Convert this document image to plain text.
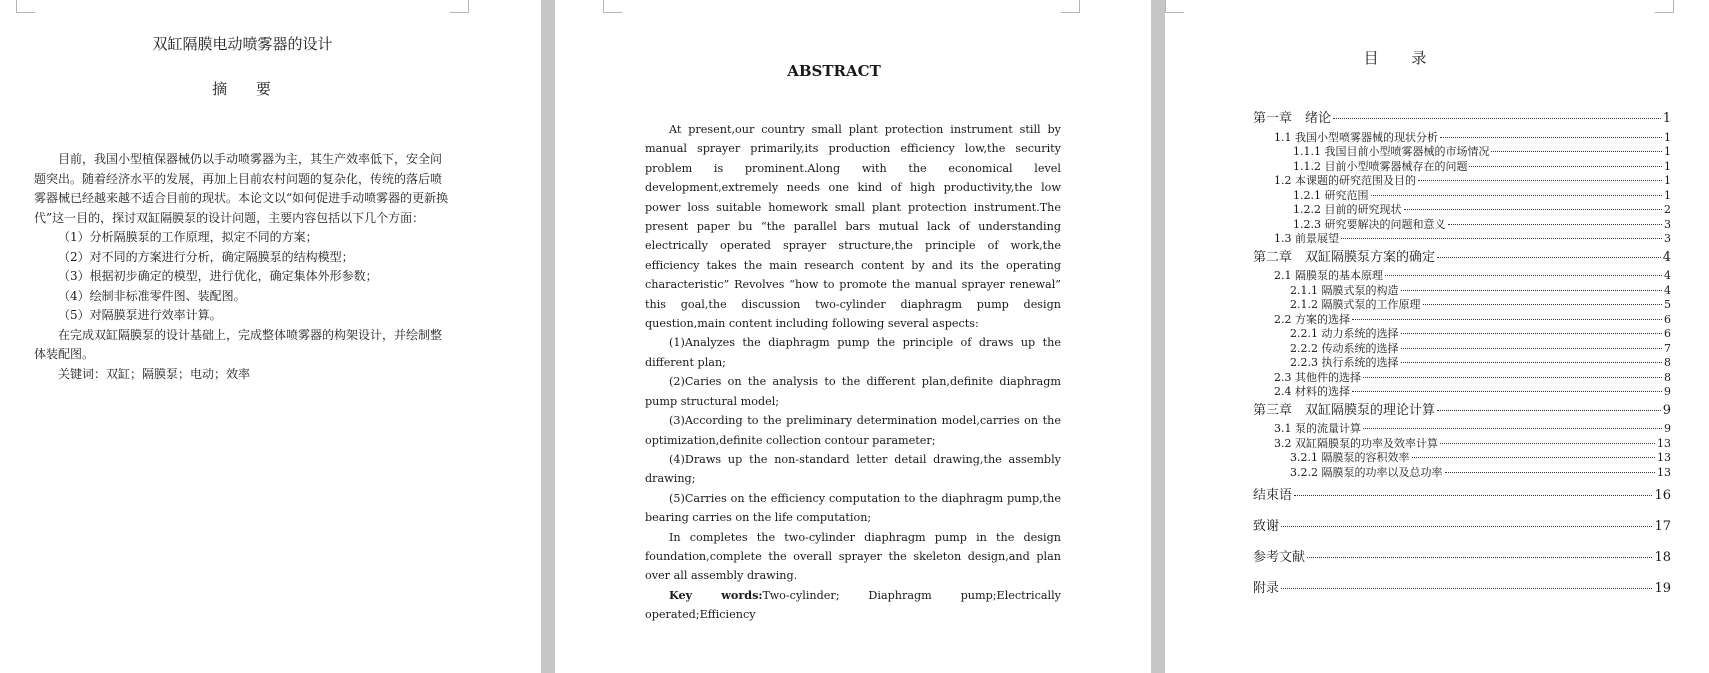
双缸隔膜电动喷雾器的设计
摘 要

目前，我国小型植保器械仍以手动喷雾器为主，其生产效率低下，安全问题突出。随着经济水平的发展，再加上目前农村问题的复杂化，传统的落后喷雾器械已经越来越不适合目前的现状。本论文以“如何促进手动喷雾器的更新换代”这一目的，探讨双缸隔膜泵的设计问题，主要内容包括以下几个方面：

（1）分析隔膜泵的工作原理，拟定不同的方案；

（2）对不同的方案进行分析，确定隔膜泵的结构模型；

（3）根据初步确定的模型，进行优化，确定集体外形参数；

（4）绘制非标准零件图、装配图。

（5）对隔膜泵进行效率计算。

在完成双缸隔膜泵的设计基础上，完成整体喷雾器的构架设计，并绘制整体装配图。

关键词：双缸；隔膜泵；电动；效率

ABSTRACT

At present,our country small plant protection instrument still by manual sprayer primarily,its production efficiency low,the security problem is prominent.Along with the economical level development,extremely needs one kind of high productivity,the low power loss suitable homework small plant protection instrument.The present paper bu “the parallel bars mutual lack of understanding electrically operated sprayer structure,the principle of work,the efficiency takes the main research content by and its the operating characteristic” Revolves “how to promote the manual sprayer renewal” this goal,the discussion two-cylinder diaphragm pump design question,main content including following several aspects:

(1)Analyzes the diaphragm pump the principle of draws up the different plan;

(2)Caries on the analysis to the different plan,definite diaphragm pump structural model;

(3)According to the preliminary determination model,carries on the optimization,definite collection contour parameter;

(4)Draws up the non-standard letter detail drawing,the assembly drawing;

(5)Carries on the efficiency computation to the diaphragm pump,the bearing carries on the life computation;

In completes the two-cylinder diaphragm pump in the design foundation,complete the overall sprayer the skeleton design,and plan over all assembly drawing.

Key words:Two-cylinder; Diaphragm pump;Electrically operated;Efficiency

目 录
第一章　绪论	1
1.1 我国小型喷雾器械的现状分析	1
1.1.1 我国目前小型喷雾器械的市场情况	1
1.1.2 目前小型喷雾器械存在的问题	1
1.2 本课题的研究范围及目的	1
1.2.1 研究范围	1
1.2.2 目前的研究现状	2
1.2.3 研究要解决的问题和意义	3
1.3 前景展望	3
第二章　双缸隔膜泵方案的确定	4
2.1 隔膜泵的基本原理	4
2.1.1 隔膜式泵的构造	4
2.1.2 隔膜式泵的工作原理	5
2.2 方案的选择	6
2.2.1 动力系统的选择	6
2.2.2 传动系统的选择	7
2.2.3 执行系统的选择	8
2.3 其他件的选择	8
2.4 材料的选择	9
第三章　双缸隔膜泵的理论计算	9
3.1 泵的流量计算	9
3.2 双缸隔膜泵的功率及效率计算	13
3.2.1 隔膜泵的容积效率	13
3.2.2 隔膜泵的功率以及总功率	13
结束语	16
致谢	17
参考文献	18
附录	19
